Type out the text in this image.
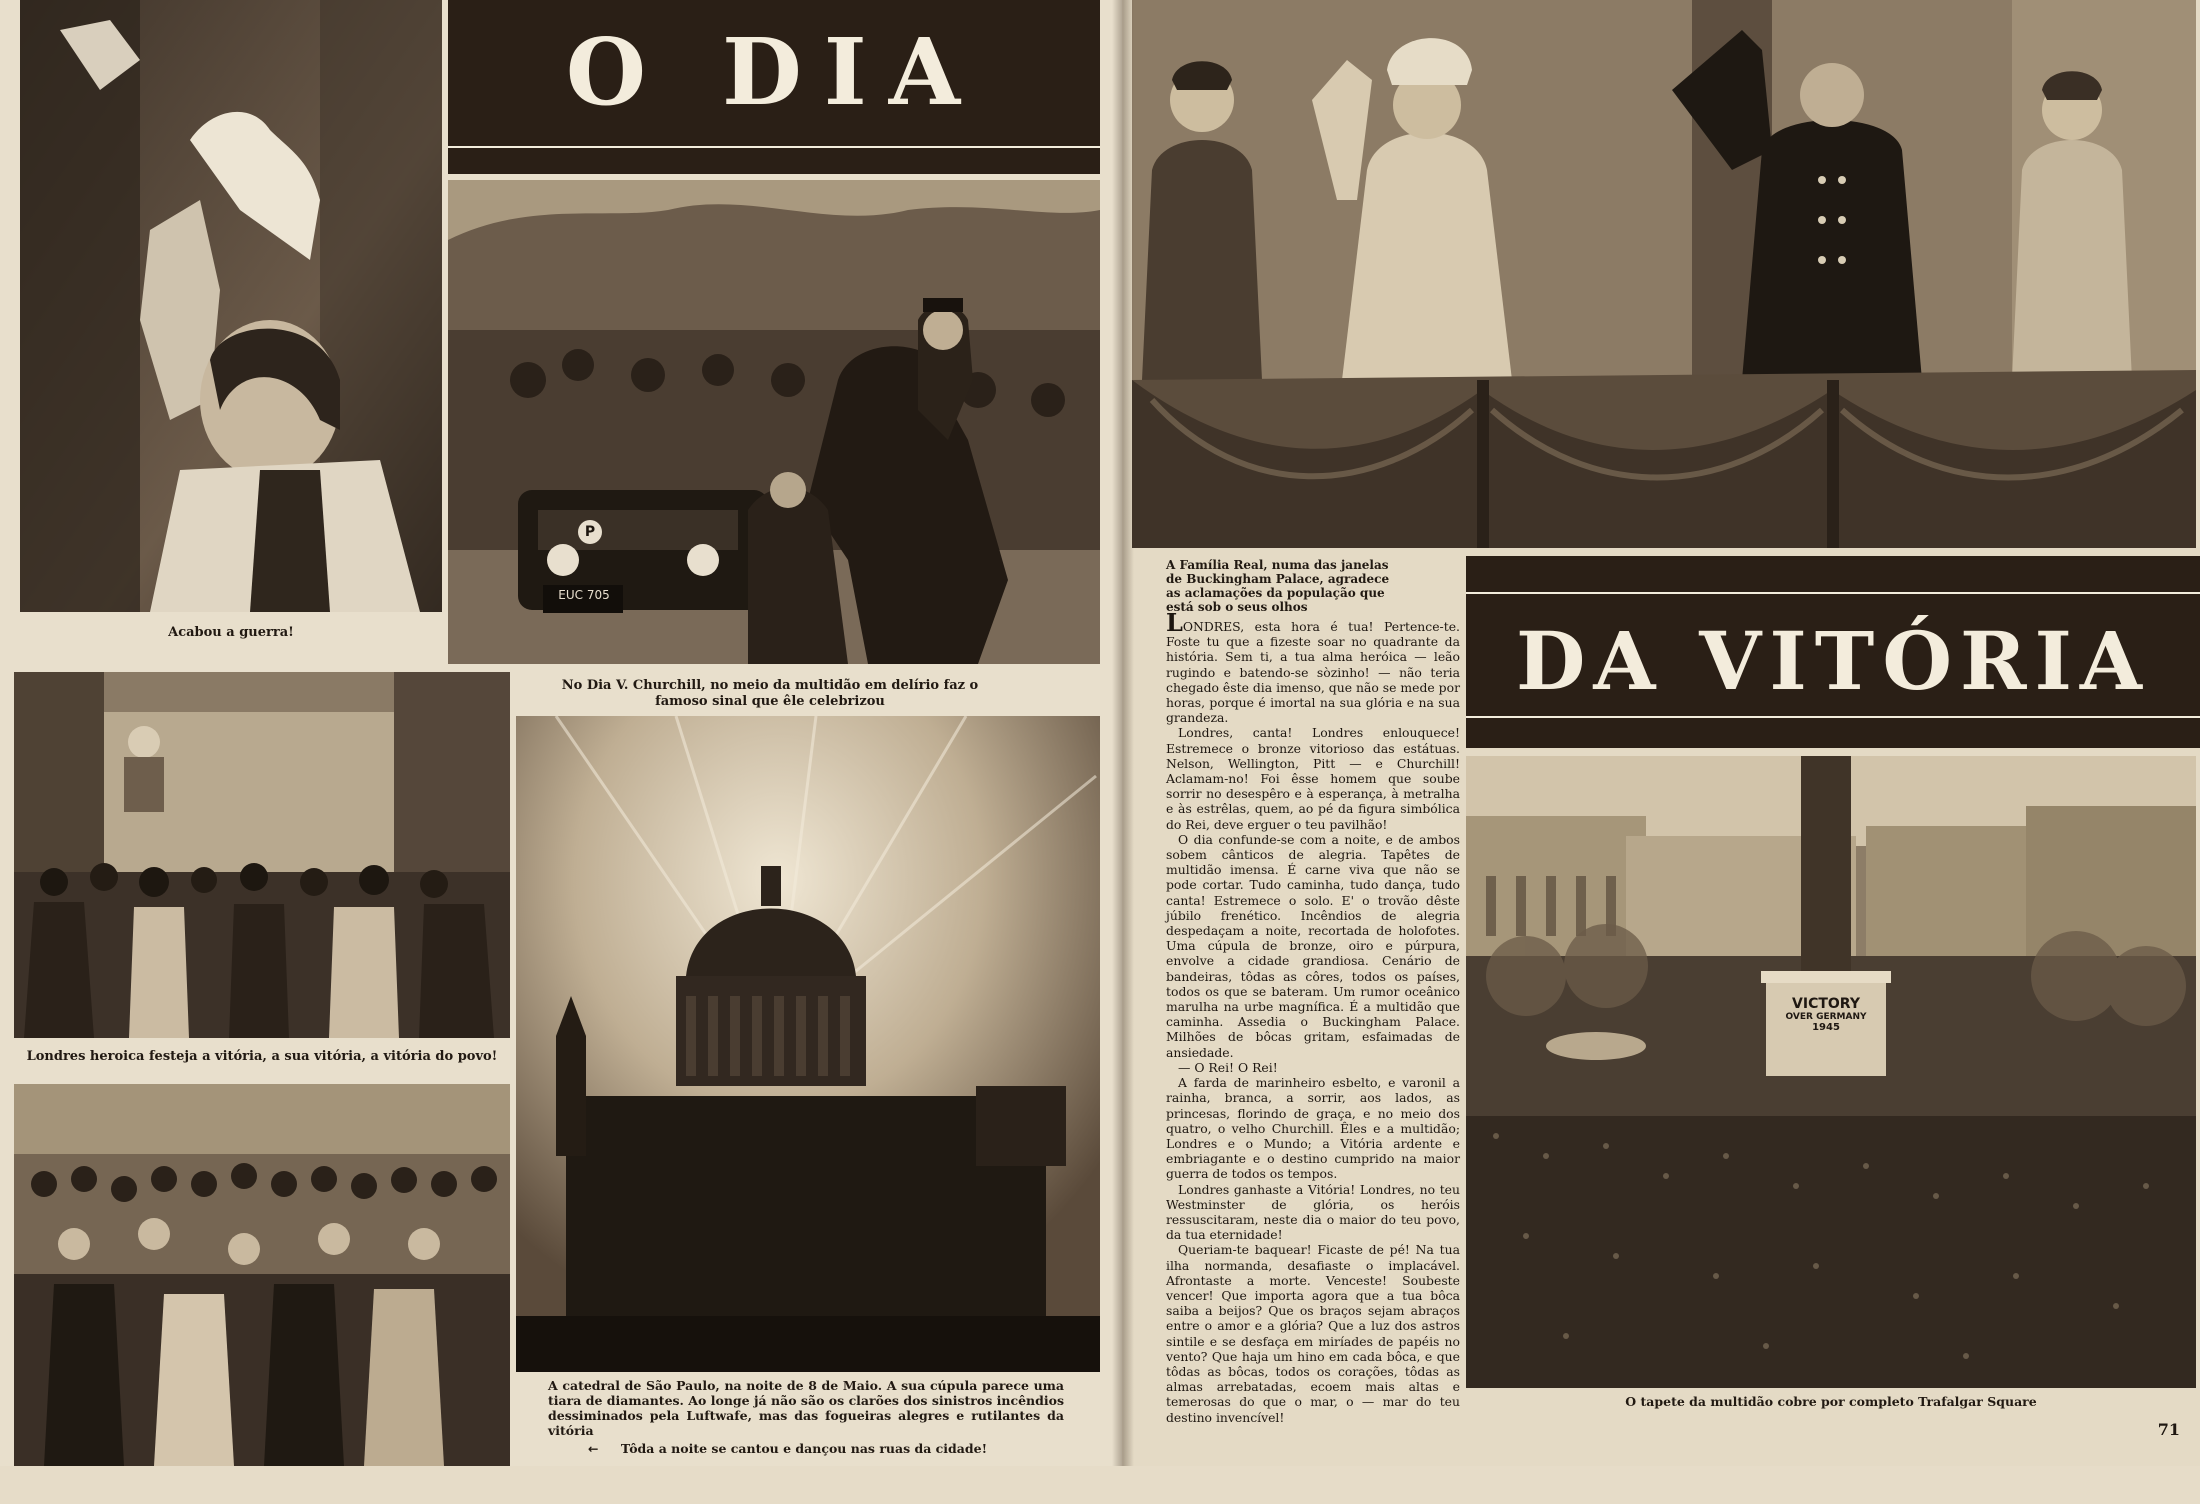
Acabou a guerra!
O DIA
P
EUC 705
No Dia V. Churchill, no meio da multidão em delírio faz o famoso sinal que êle celebrizou
Londres heroica festeja a vitória, a sua vitória, a vitória do povo!
A catedral de São Paulo, na noite de 8 de Maio. A sua cúpula parece uma tiara de diamantes. Ao longe já não são os clarões dos sinistros incêndios dessiminados pela Luftwafe, mas das fogueiras alegres e rutilantes da vitória
← Tôda a noite se cantou e dançou nas ruas da cidade!
A Família Real, numa das janelas de Buckingham Palace, agradece as aclamações da população que está sob o seus olhos
DA VITÓRIA

LONDRES, esta hora é tua! Pertence-te. Foste tu que a fizeste soar no quadrante da história. Sem ti, a tua alma heróica — leão rugindo e batendo-se sòzinho! — não teria chegado êste dia imenso, que não se mede por horas, porque é imortal na sua glória e na sua grandeza.

Londres, canta! Londres enlouquece! Estremece o bronze vitorioso das estátuas. Nelson, Wellington, Pitt — e Churchill! Aclamam-no! Foi êsse homem que soube sorrir no desespêro e à esperança, à metralha e às estrêlas, quem, ao pé da figura simbólica do Rei, deve erguer o teu pavilhão!

O dia confunde-se com a noite, e de ambos sobem cânticos de alegria. Tapêtes de multidão imensa. É carne viva que não se pode cortar. Tudo caminha, tudo dança, tudo canta! Estremece o solo. E' o trovão dêste júbilo frenético. Incêndios de alegria despedaçam a noite, recortada de holofotes. Uma cúpula de bronze, oiro e púrpura, envolve a cidade grandiosa. Cenário de bandeiras, tôdas as côres, todos os países, todos os que se bateram. Um rumor oceânico marulha na urbe magnífica. É a multidão que caminha. Assedia o Buckingham Palace. Milhões de bôcas gritam, esfaimadas de ansiedade.

— O Rei! O Rei!

A farda de marinheiro esbelto, e varonil a rainha, branca, a sorrir, aos lados, as princesas, florindo de graça, e no meio dos quatro, o velho Churchill. Êles e a multidão; Londres e o Mundo; a Vitória ardente e embriagante e o destino cumprido na maior guerra de todos os tempos.

Londres ganhaste a Vitória! Londres, no teu Westminster de glória, os heróis ressuscitaram, neste dia o maior do teu povo, da tua eternidade!

Queriam-te baquear! Ficaste de pé! Na tua ilha normanda, desafiaste o implacável. Afrontaste a morte. Venceste! Soubeste vencer! Que importa agora que a tua bôca saiba a beijos? Que os braços sejam abraços entre o amor e a glória? Que a luz dos astros sintile e se desfaça em miríades de papéis no vento? Que haja um hino em cada bôca, e que tôdas as bôcas, todos os corações, tôdas as almas arrebatadas, ecoem mais altas e temerosas do que o mar, o — mar do teu destino invencível!

VICTORY
OVER GERMANY
1945
O tapete da multidão cobre por completo Trafalgar Square
71
